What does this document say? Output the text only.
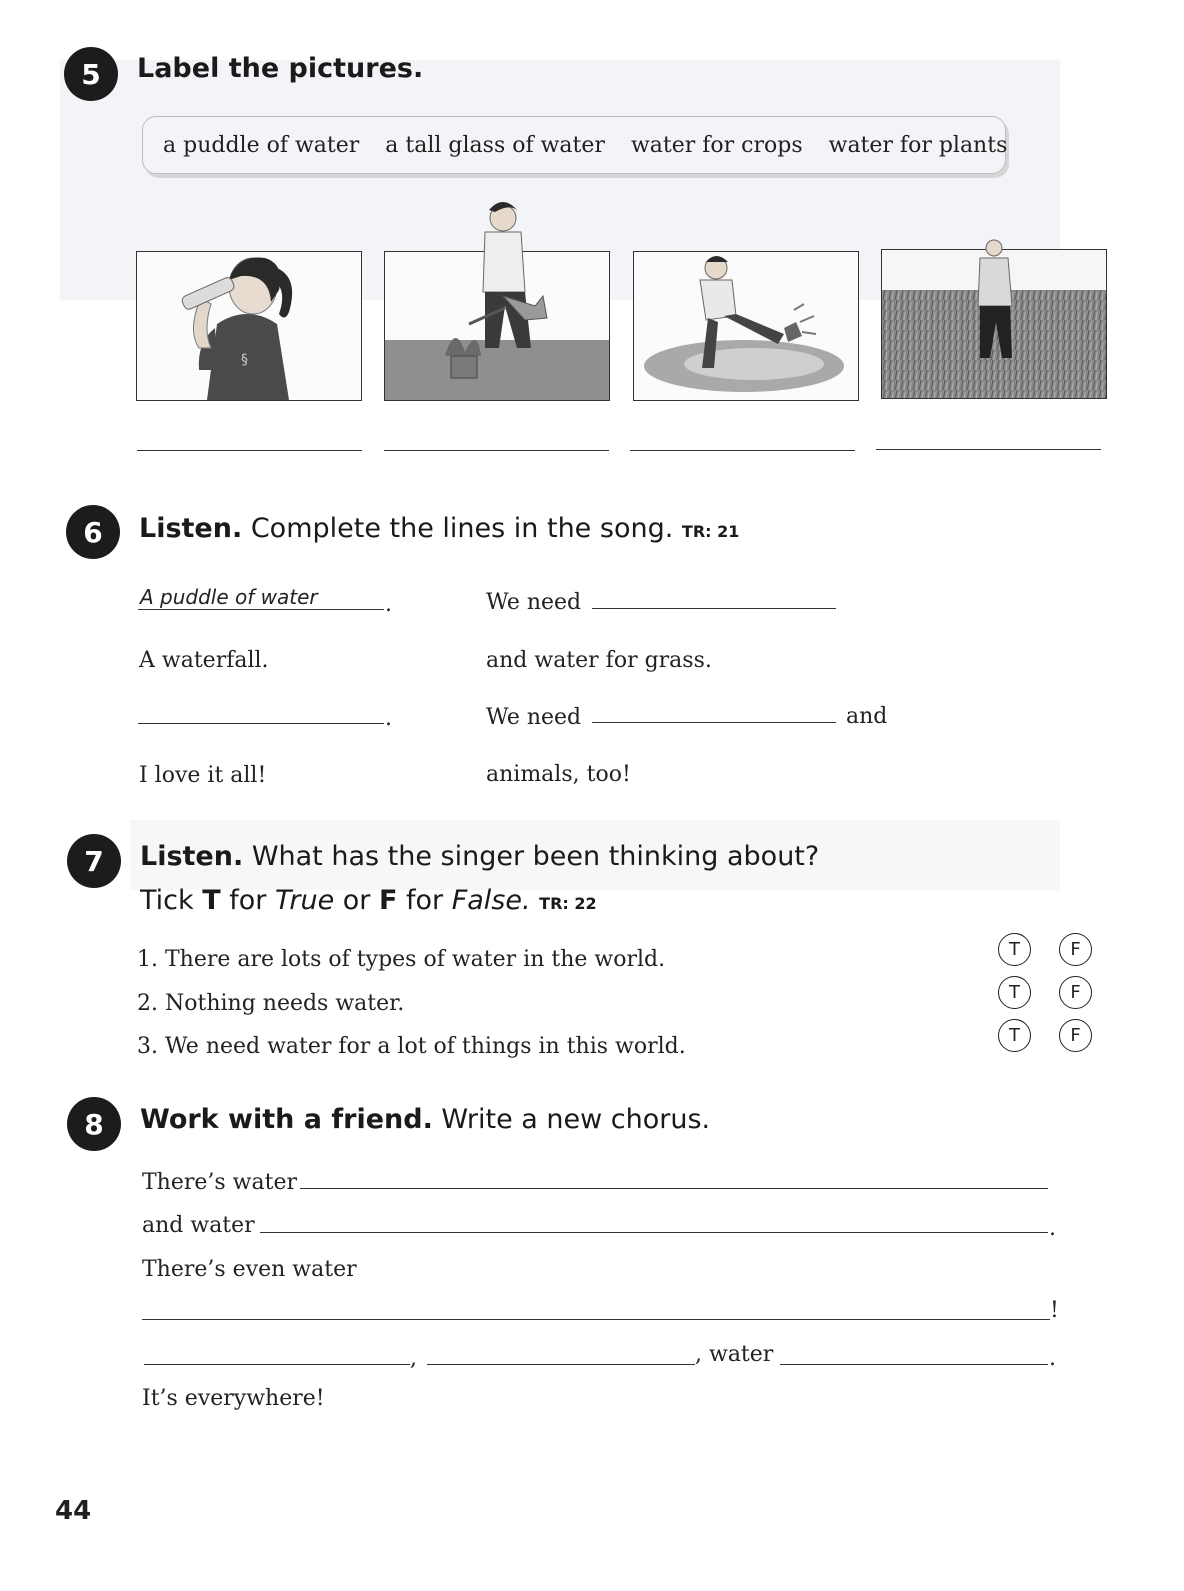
5	Label the pictures.
a puddle of water a tall glass of water water for crops water for plants
§
6	Listen. Complete the lines in the song. TR: 21
A puddle of water	.	We need
A waterfall.	and water for grass.
.	We need	and
I love it all!	animals, too!
7	Listen. What has the singer been thinking about?
Tick T for True or F for False. TR: 22
1. There are lots of types of water in the world.
2. Nothing needs water.
3. We need water for a lot of things in this world.
T	F
T	F
T	F
8	Work with a friend. Write a new chorus.
There’s water
and water	.
There’s even water
!
,	, water	.
It’s everywhere!
44
